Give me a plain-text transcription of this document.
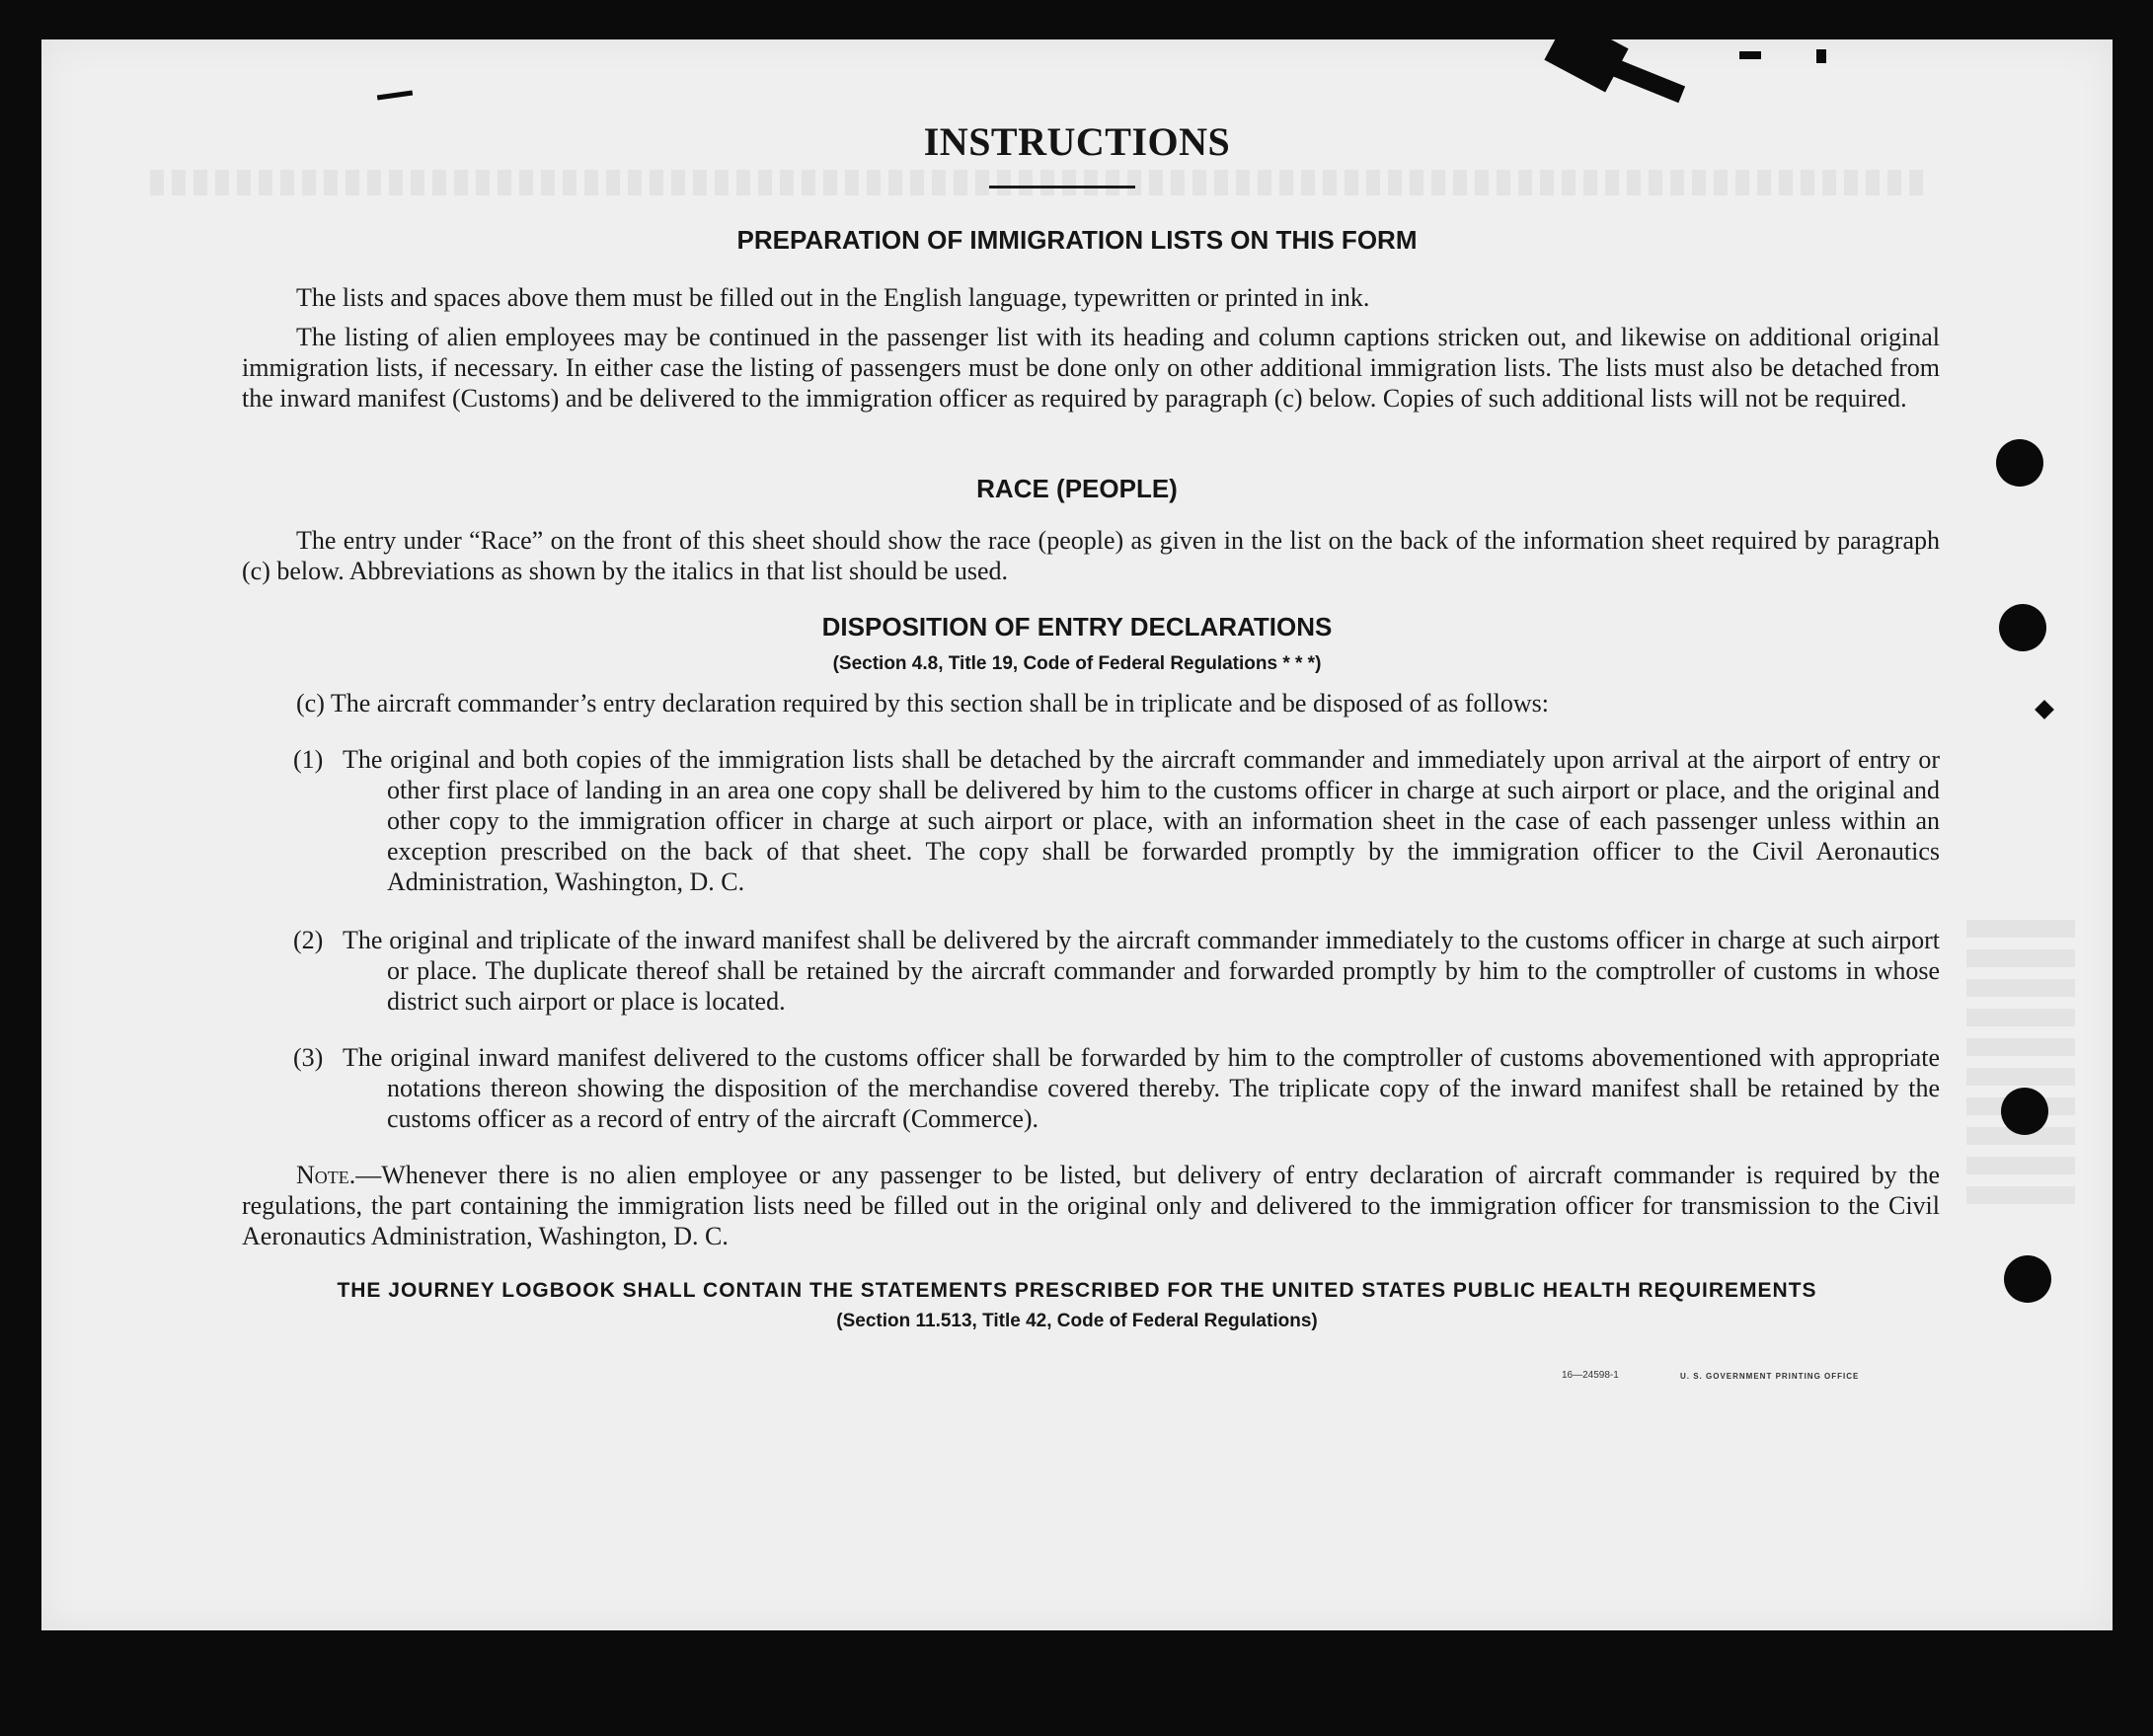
INSTRUCTIONS
PREPARATION OF IMMIGRATION LISTS ON THIS FORM

The lists and spaces above them must be filled out in the English language, typewritten or printed in ink.

The listing of alien employees may be continued in the passenger list with its heading and column captions stricken out, and likewise on additional original immigration lists, if necessary. In either case the listing of passengers must be done only on other additional immigration lists. The lists must also be detached from the inward manifest (Customs) and be delivered to the immigration officer as required by paragraph (c) below. Copies of such additional lists will not be required.

RACE (PEOPLE)

The entry under “Race” on the front of this sheet should show the race (people) as given in the list on the back of the information sheet required by paragraph (c) below. Abbreviations as shown by the italics in that list should be used.

DISPOSITION OF ENTRY DECLARATIONS

(Section 4.8, Title 19, Code of Federal Regulations * * *)

(c) The aircraft commander’s entry declaration required by this section shall be in triplicate and be disposed of as follows:

(1) The original and both copies of the immigration lists shall be detached by the aircraft commander and immediately upon arrival at the airport of entry or other first place of landing in an area one copy shall be delivered by him to the customs officer in charge at such airport or place, and the original and other copy to the immigration officer in charge at such airport or place, with an information sheet in the case of each passenger unless within an exception prescribed on the back of that sheet. The copy shall be forwarded promptly by the immigration officer to the Civil Aeronautics Administration, Washington, D. C.
(2) The original and triplicate of the inward manifest shall be delivered by the aircraft commander immediately to the customs officer in charge at such airport or place. The duplicate thereof shall be retained by the aircraft commander and forwarded promptly by him to the comptroller of customs in whose district such airport or place is located.
(3) The original inward manifest delivered to the customs officer shall be forwarded by him to the comptroller of customs abovementioned with appropriate notations thereon showing the disposition of the merchandise covered thereby. The triplicate copy of the inward manifest shall be retained by the customs officer as a record of entry of the aircraft (Commerce).

Note.—Whenever there is no alien employee or any passenger to be listed, but delivery of entry declaration of aircraft commander is required by the regulations, the part containing the immigration lists need be filled out in the original only and delivered to the immigration officer for transmission to the Civil Aeronautics Administration, Washington, D. C.

THE JOURNEY LOGBOOK SHALL CONTAIN THE STATEMENTS PRESCRIBED FOR THE UNITED STATES PUBLIC HEALTH REQUIREMENTS

(Section 11.513, Title 42, Code of Federal Regulations)

16—24598-1	U. S. GOVERNMENT PRINTING OFFICE
